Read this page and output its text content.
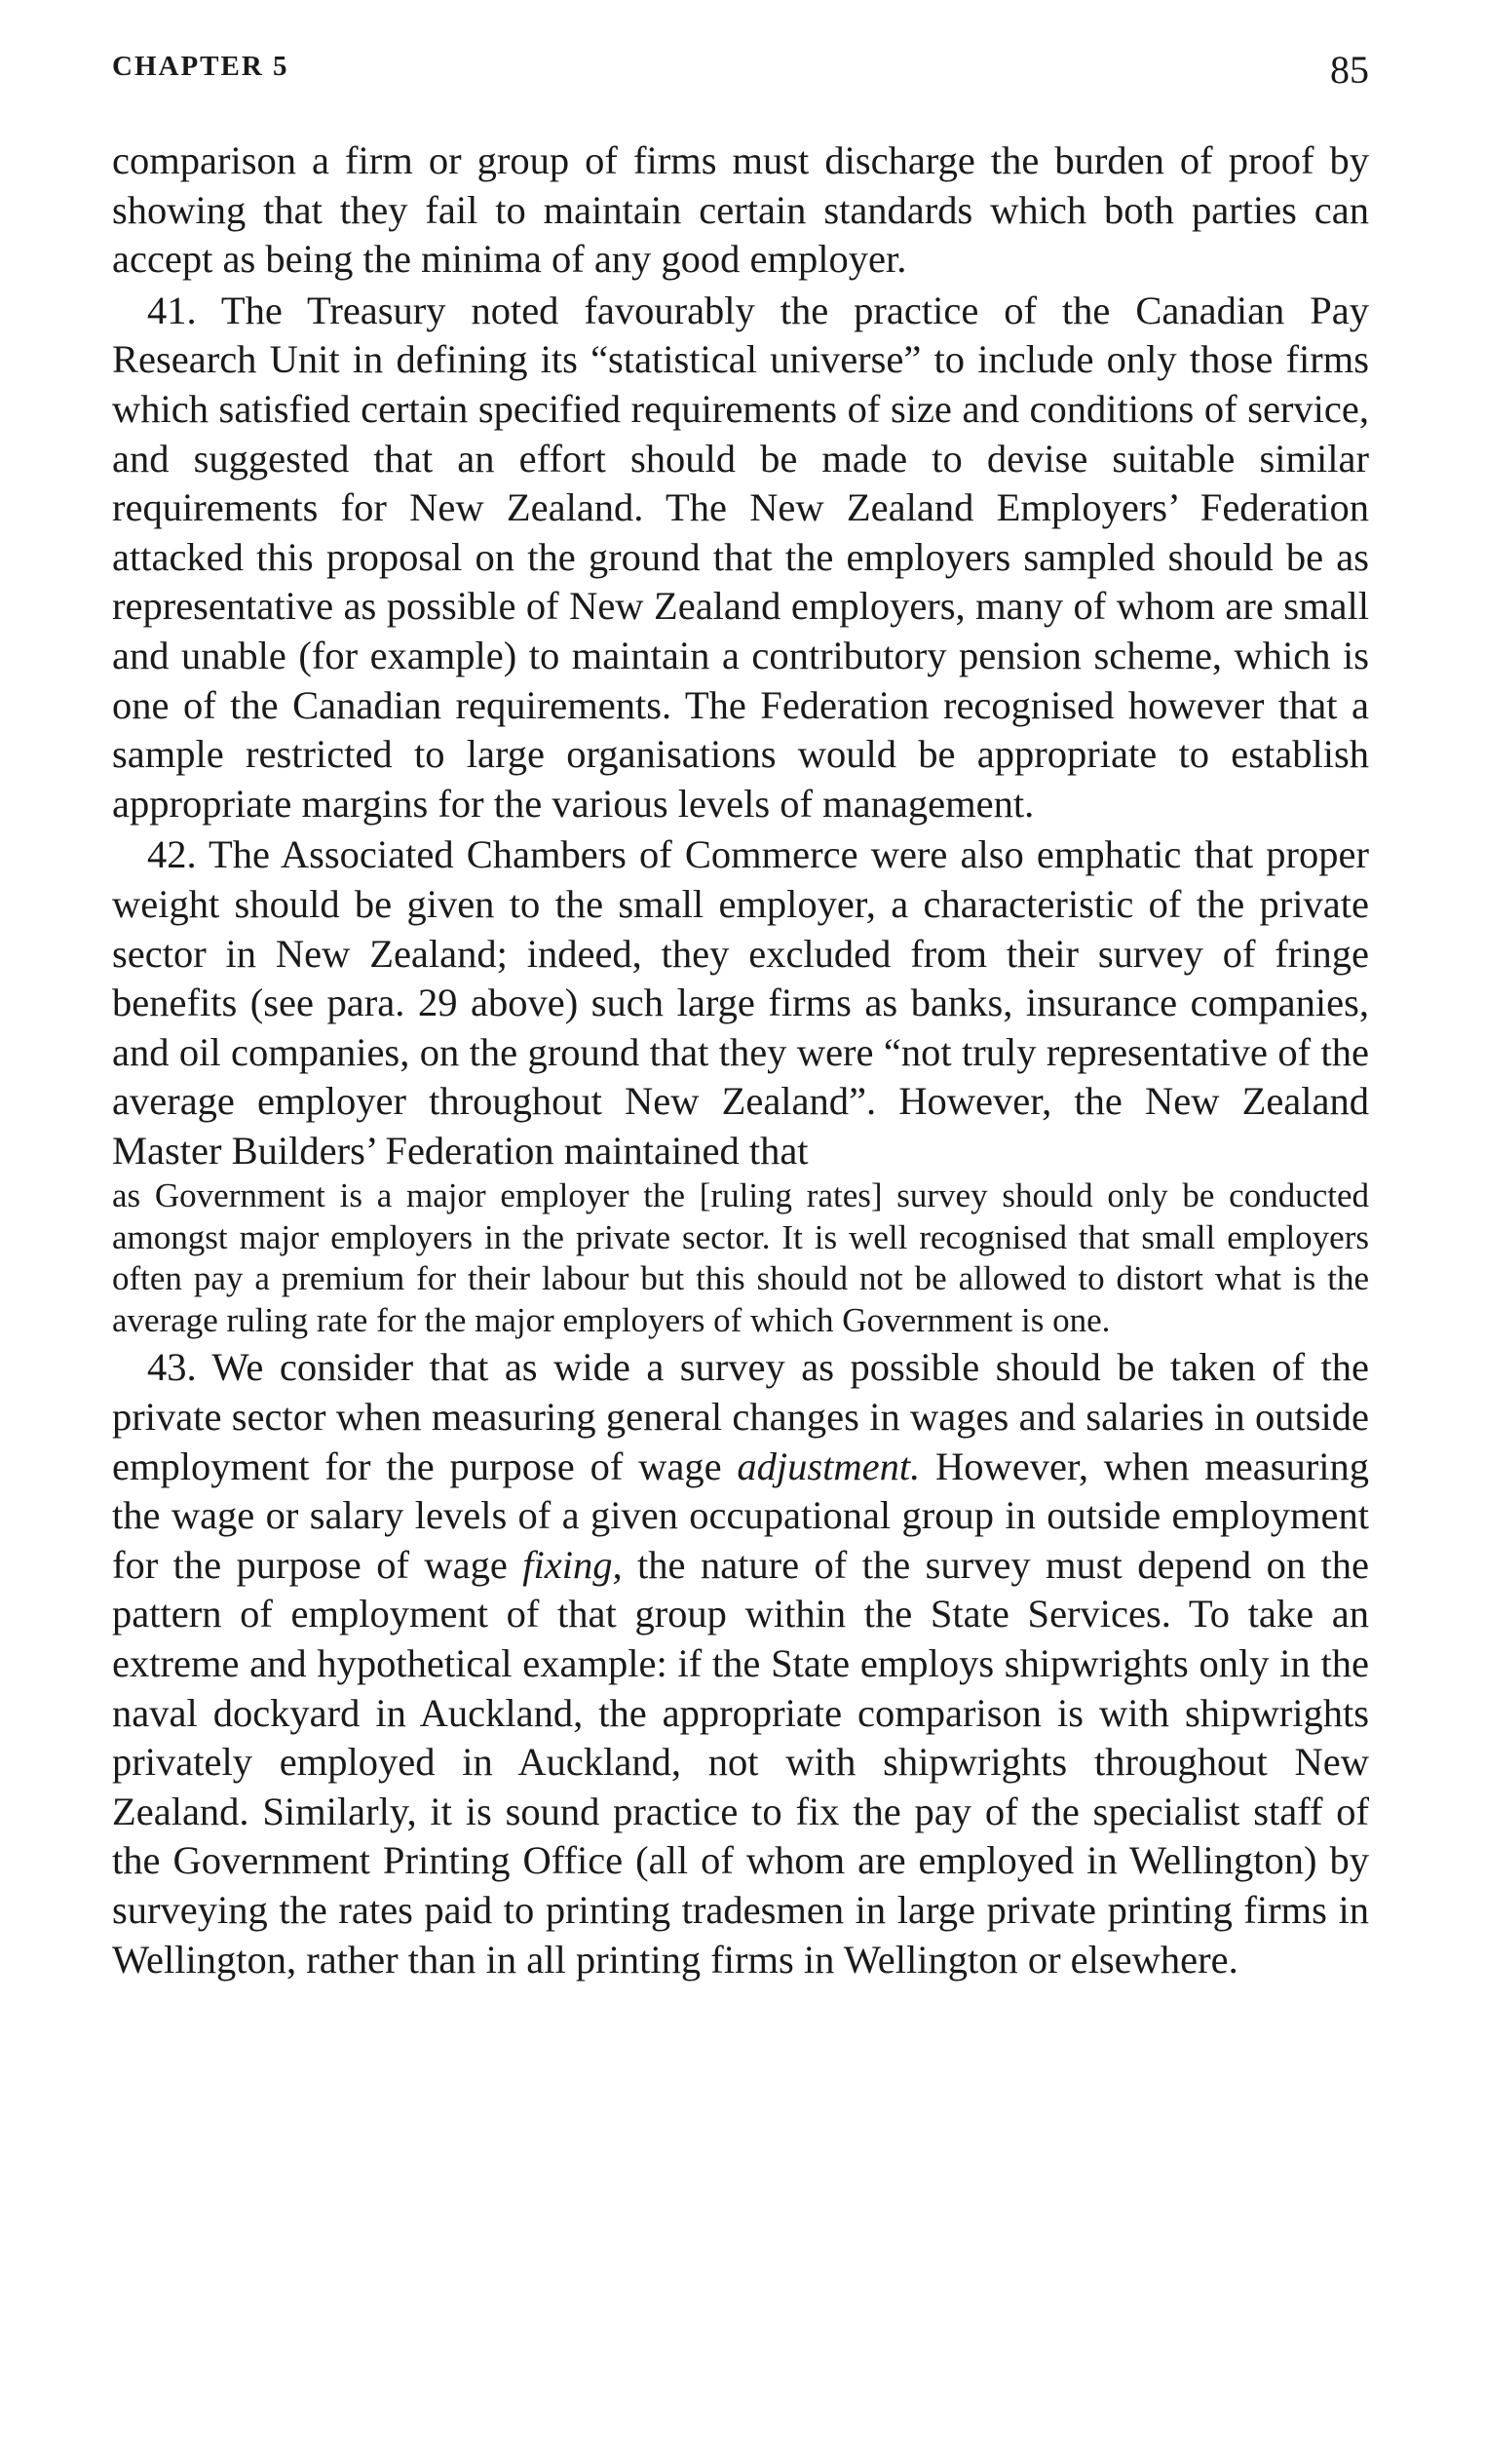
CHAPTER 5	85

comparison a firm or group of firms must discharge the burden of proof by showing that they fail to maintain certain standards which both parties can accept as being the minima of any good employer.

41. The Treasury noted favourably the practice of the Canadian Pay Research Unit in defining its “statistical universe” to include only those firms which satisfied certain specified requirements of size and conditions of service, and suggested that an effort should be made to devise suitable similar requirements for New Zealand. The New Zealand Employers’ Federation attacked this proposal on the ground that the employers sampled should be as representative as possible of New Zealand employers, many of whom are small and unable (for example) to maintain a contributory pension scheme, which is one of the Canadian requirements. The Federation recognised however that a sample restricted to large organisations would be appropriate to establish appropriate margins for the various levels of management.

42. The Associated Chambers of Commerce were also emphatic that proper weight should be given to the small employer, a characteristic of the private sector in New Zealand; indeed, they excluded from their survey of fringe benefits (see para. 29 above) such large firms as banks, insurance companies, and oil companies, on the ground that they were “not truly representative of the average employer throughout New Zealand”. However, the New Zealand Master Builders’ Federation maintained that

as Government is a major employer the [ruling rates] survey should only be conducted amongst major employers in the private sector. It is well recognised that small employers often pay a premium for their labour but this should not be allowed to distort what is the average ruling rate for the major employers of which Government is one.

43. We consider that as wide a survey as possible should be taken of the private sector when measuring general changes in wages and salaries in outside employment for the purpose of wage adjustment. However, when measuring the wage or salary levels of a given occupational group in outside employment for the purpose of wage fixing, the nature of the survey must depend on the pattern of employment of that group within the State Services. To take an extreme and hypothetical example: if the State employs shipwrights only in the naval dockyard in Auckland, the appropriate comparison is with shipwrights privately employed in Auckland, not with shipwrights throughout New Zealand. Similarly, it is sound practice to fix the pay of the specialist staff of the Government Printing Office (all of whom are employed in Wellington) by surveying the rates paid to printing tradesmen in large private printing firms in Wellington, rather than in all printing firms in Wellington or elsewhere.
